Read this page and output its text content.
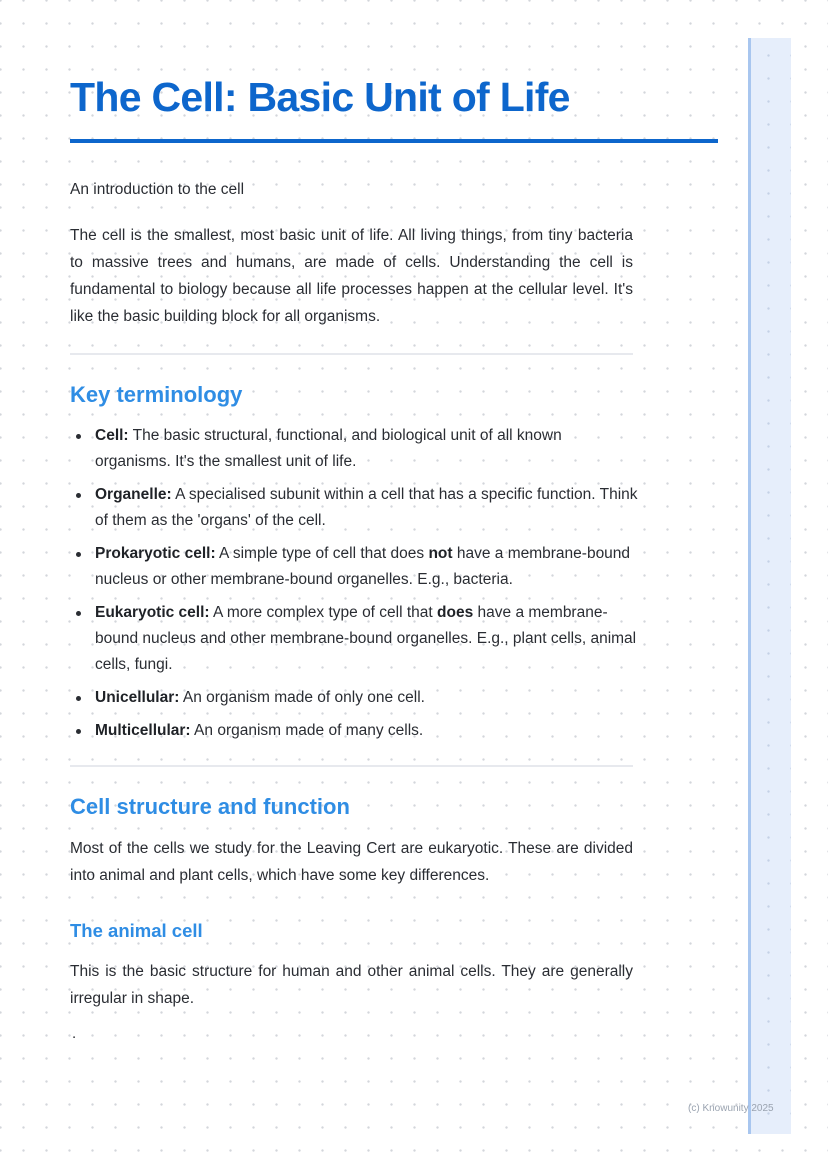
The Cell: Basic Unit of Life

An introduction to the cell

The cell is the smallest, most basic unit of life. All living things, from tiny bacteria to massive trees and humans, are made of cells. Understanding the cell is fundamental to biology because all life processes happen at the cellular level. It's like the basic building block for all organisms.

Key terminology
Cell: The basic structural, functional, and biological unit of all known organisms. It's the smallest unit of life.
Organelle: A specialised subunit within a cell that has a specific function. Think of them as the 'organs' of the cell.
Prokaryotic cell: A simple type of cell that does not have a membrane-bound nucleus or other membrane-bound organelles. E.g., bacteria.
Eukaryotic cell: A more complex type of cell that does have a membrane-bound nucleus and other membrane-bound organelles. E.g., plant cells, animal cells, fungi.
Unicellular: An organism made of only one cell.
Multicellular: An organism made of many cells.
Cell structure and function

Most of the cells we study for the Leaving Cert are eukaryotic. These are divided into animal and plant cells, which have some key differences.

The animal cell

This is the basic structure for human and other animal cells. They are generally irregular in shape.

.

(c) Knowunity 2025
